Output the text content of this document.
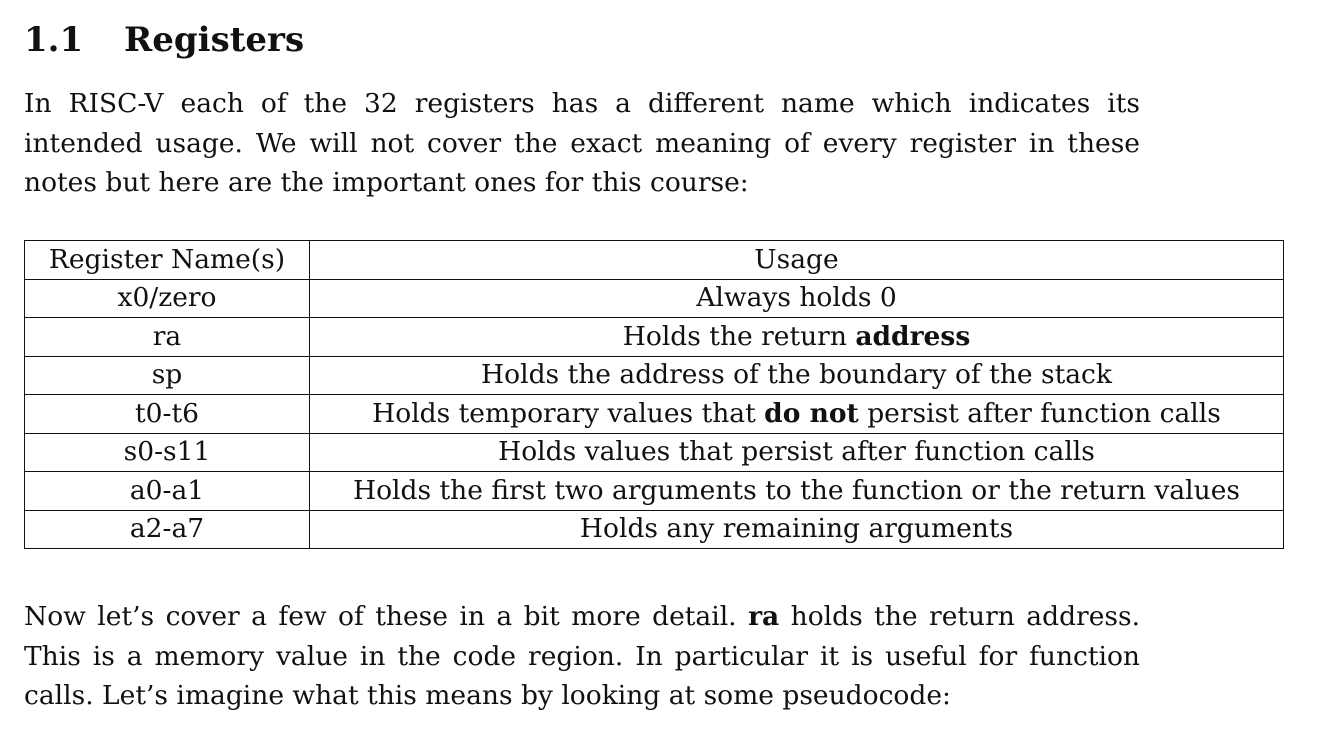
1.1 Registers

In RISC-V each of the 32 registers has a different name which indicates its
intended usage. We will not cover the exact meaning of every register in these
notes but here are the important ones for this course:

Register Name(s)	Usage
x0/zero	Always holds 0
ra	Holds the return address
sp	Holds the address of the boundary of the stack
t0-t6	Holds temporary values that do not persist after function calls
s0-s11	Holds values that persist after function calls
a0-a1	Holds the first two arguments to the function or the return values
a2-a7	Holds any remaining arguments

Now let’s cover a few of these in a bit more detail. ra holds the return address.
This is a memory value in the code region. In particular it is useful for function
calls. Let’s imagine what this means by looking at some pseudocode:
